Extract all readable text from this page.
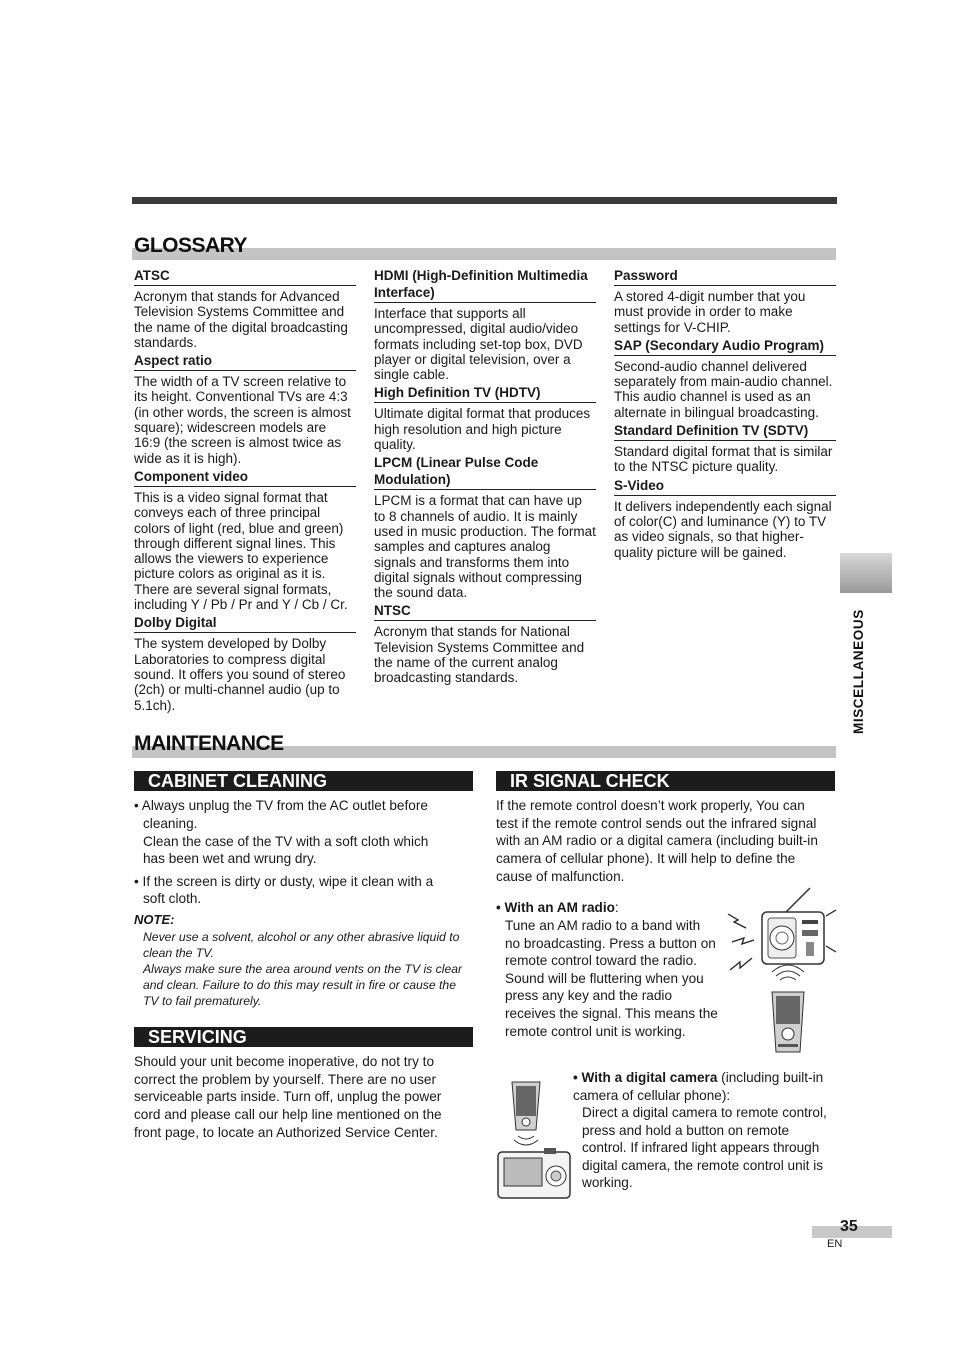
GLOSSARY
ATSC

Acronym that stands for Advanced Television Systems Committee and the name of the digital broadcasting standards.

Aspect ratio

The width of a TV screen relative to its height. Conventional TVs are 4:3 (in other words, the screen is almost square); widescreen models are 16:9 (the screen is almost twice as wide as it is high).

Component video

This is a video signal format that conveys each of three principal colors of light (red, blue and green) through different signal lines. This allows the viewers to experience picture colors as original as it is. There are several signal formats, including Y / Pb / Pr and Y / Cb / Cr.

Dolby Digital

The system developed by Dolby Laboratories to compress digital sound. It offers you sound of stereo (2ch) or multi-channel audio (up to 5.1ch).

HDMI (High-Definition Multimedia Interface)

Interface that supports all uncompressed, digital audio/video formats including set-top box, DVD player or digital television, over a single cable.

High Definition TV (HDTV)

Ultimate digital format that produces high resolution and high picture quality.

LPCM (Linear Pulse Code Modulation)

LPCM is a format that can have up to 8 channels of audio. It is mainly used in music production. The format samples and captures analog signals and transforms them into digital signals without compressing the sound data.

NTSC

Acronym that stands for National Television Systems Committee and the name of the current analog broadcasting standards.

Password

A stored 4-digit number that you must provide in order to make settings for V-CHIP.

SAP (Secondary Audio Program)

Second-audio channel delivered separately from main-audio channel. This audio channel is used as an alternate in bilingual broadcasting.

Standard Definition TV (SDTV)

Standard digital format that is similar to the NTSC picture quality.

S-Video

It delivers independently each signal of color(C) and luminance (Y) to TV as video signals, so that higher-quality picture will be gained.

MISCELLANEOUS
MAINTENANCE
CABINET CLEANING
• Always unplug the TV from the AC outlet before
cleaning.
Clean the case of the TV with a soft cloth which
has been wet and wrung dry.
• If the screen is dirty or dusty, wipe it clean with a
soft cloth.
NOTE:
Never use a solvent, alcohol or any other abrasive liquid to clean the TV.
Always make sure the area around vents on the TV is clear and clean. Failure to do this may result in fire or cause the TV to fail prematurely.
SERVICING
Should your unit become inoperative, do not try to correct the problem by yourself. There are no user serviceable parts inside. Turn off, unplug the power cord and please call our help line mentioned on the front page, to locate an Authorized Service Center.
IR SIGNAL CHECK
If the remote control doesn’t work properly, You can test if the remote control sends out the infrared signal with an AM radio or a digital camera (including built-in camera of cellular phone). It will help to define the cause of malfunction.
• With an AM radio:
Tune an AM radio to a band with no broadcasting. Press a button on remote control toward the radio. Sound will be fluttering when you press any key and the radio receives the signal. This means the remote control unit is working.
• With a digital camera (including built-in camera of cellular phone):
Direct a digital camera to remote control, press and hold a button on remote control. If infrared light appears through digital camera, the remote control unit is working.
35
EN
